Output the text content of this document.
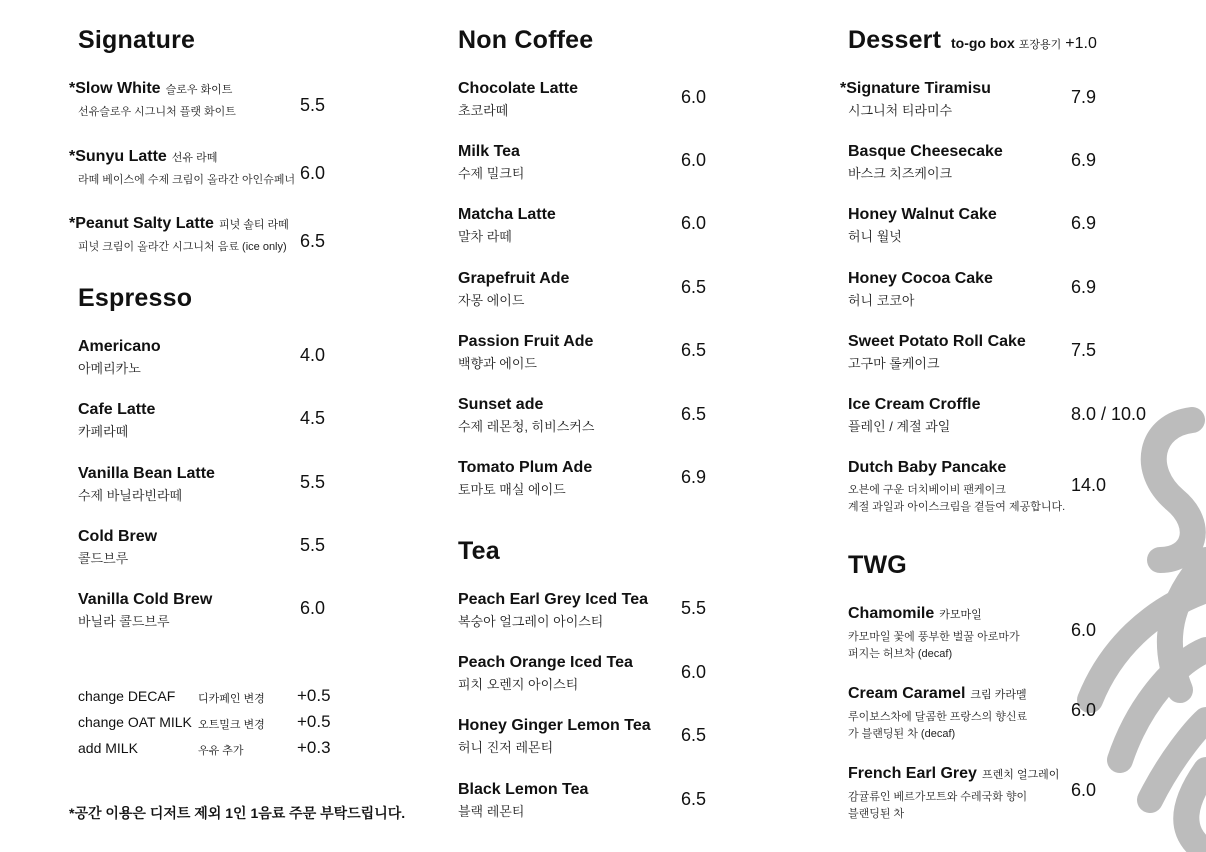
Signature
*Slow White 슬로우 화이트
선유슬로우 시그니처 플랫 화이트	5.5
*Sunyu Latte 선유 라떼
라떼 베이스에 수제 크림이 올라간 아인슈페너 6.0
*Peanut Salty Latte 피넛 솔티 라떼
피넛 크림이 올라간 시그니처 음료 (ice only) 6.5
Espresso
Americano
아메리카노
4.0
Cafe Latte
카페라떼
4.5
Vanilla Bean Latte
수제 바닐라빈라떼
5.5
Cold Brew
콜드브루
5.5
Vanilla Cold Brew
바닐라 콜드브루
6.0
change DECAF 디카페인 변경 +0.5
change OAT MILK 오트밀크 변경 +0.5
add MILK	우유 추가	+0.3
*공간 이용은 디저트 제외 1인 1음료 주문 부탁드립니다.
Non Coffee
Chocolate Latte
초코라떼
6.0
Milk Tea
수제 밀크티
6.0
Matcha Latte
말차 라떼
6.0
Grapefruit Ade
자몽 에이드
6.5
Passion Fruit Ade
백향과 에이드
6.5
Sunset ade
수제 레몬청, 히비스커스
6.5
Tomato Plum Ade
토마토 매실 에이드
6.9
Tea
Peach Earl Grey Iced Tea
복숭아 얼그레이 아이스티
5.5
Peach Orange Iced Tea
피치 오렌지 아이스티
6.0
Honey Ginger Lemon Tea
허니 진저 레몬티
6.5
Black Lemon Tea
블랙 레몬티
6.5
Dessert to-go box 포장용기 +1.0
*Signature Tiramisu
시그니처 티라미수
7.9
Basque Cheesecake
바스크 치즈케이크
6.9
Honey Walnut Cake
허니 월넛
6.9
Honey Cocoa Cake
허니 코코아
6.9
Sweet Potato Roll Cake
고구마 롤케이크
7.5
Ice Cream Croffle
플레인 / 계절 과일
8.0 / 10.0
Dutch Baby Pancake
오븐에 구운 더치베이비 팬케이크
계절 과일과 아이스크림을 곁들여 제공합니다.
14.0
TWG
Chamomile 카모마일
카모마일 꽃에 풍부한 벌꿀 아로마가
퍼지는 허브차 (decaf)
6.0
Cream Caramel 크림 카라멜
루이보스차에 달콤한 프랑스의 향신료
가 블랜딩된 차 (decaf)
6.0
French Earl Grey 프렌치 얼그레이
감귤류인 베르가모트와 수레국화 향이
블랜딩된 차
6.0
